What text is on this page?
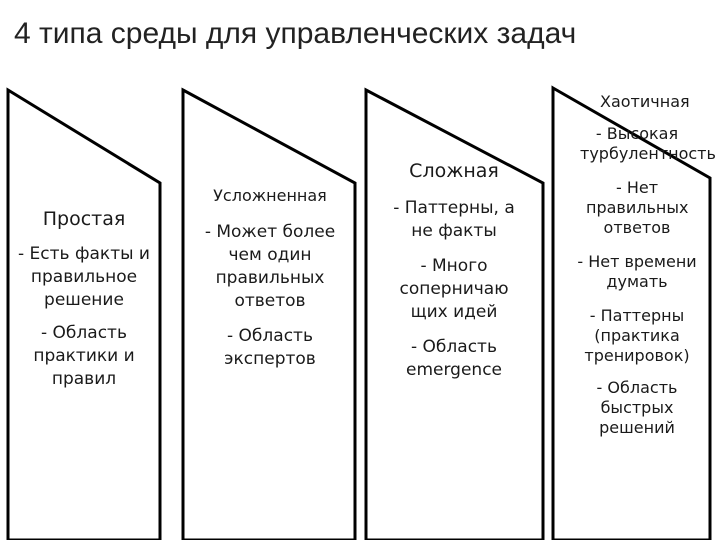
4 типа среды для управленческих задач
Простая
- Есть факты и правильное решение
- Область практики и правил
Усложненная
- Может более чем один правильных ответов
- Область экспертов
Сложная
- Паттерны, а не факты
- Много соперничаю щих идей
- Область emergence
Хаотичная
- Высокая турбулентность
- Нет правильных ответов
- Нет времени думать
- Паттерны (практика тренировок)
- Область быстрых решений
